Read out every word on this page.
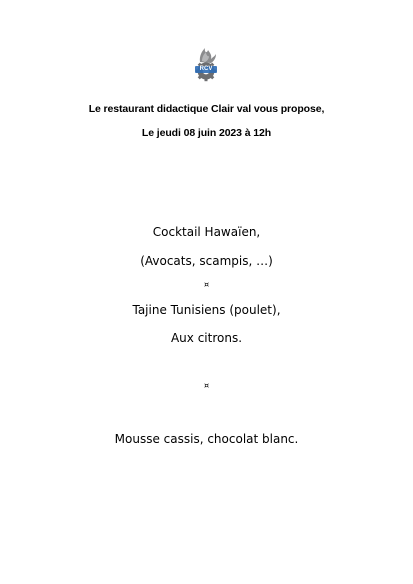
RCV
Le restaurant didactique Clair val vous propose,
Le jeudi 08 juin 2023 à 12h
Cocktail Hawaïen,
(Avocats, scampis, …)
¤
Tajine Tunisiens (poulet),
Aux citrons.
¤
Mousse cassis, chocolat blanc.
